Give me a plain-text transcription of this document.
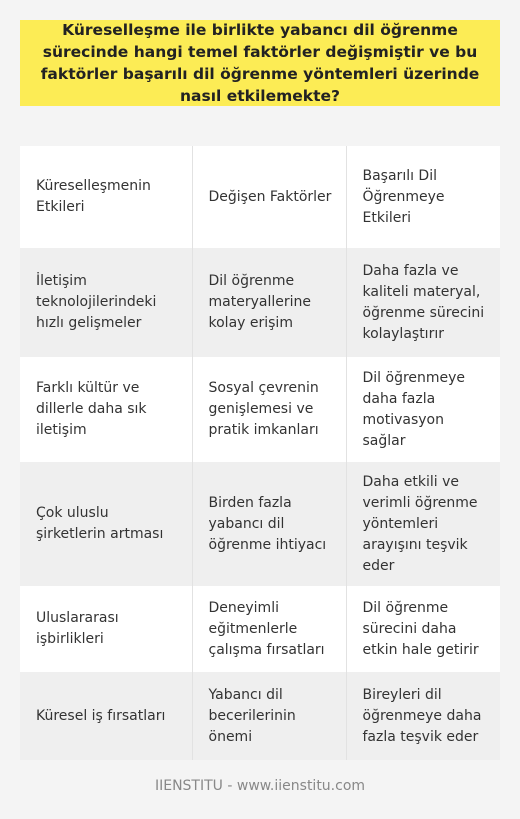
Küreselleşme ile birlikte yabancı dil öğrenme sürecinde hangi temel faktörler değişmiştir ve bu faktörler başarılı dil öğrenme yöntemleri üzerinde nasıl etkilemekte?
Küreselleşmenin Etkileri	Değişen Faktörler	Başarılı Dil Öğrenmeye Etkileri
İletişim teknolojilerindeki hızlı gelişmeler	Dil öğrenme materyallerine kolay erişim	Daha fazla ve kaliteli materyal, öğrenme sürecini kolaylaştırır
Farklı kültür ve dillerle daha sık iletişim	Sosyal çevrenin genişlemesi ve pratik imkanları	Dil öğrenmeye daha fazla motivasyon sağlar
Çok uluslu şirketlerin artması	Birden fazla yabancı dil öğrenme ihtiyacı	Daha etkili ve verimli öğrenme yöntemleri arayışını teşvik eder
Uluslararası işbirlikleri	Deneyimli eğitmenlerle çalışma fırsatları	Dil öğrenme sürecini daha etkin hale getirir
Küresel iş fırsatları	Yabancı dil becerilerinin önemi	Bireyleri dil öğrenmeye daha fazla teşvik eder
IIENSTITU - www.iienstitu.com
